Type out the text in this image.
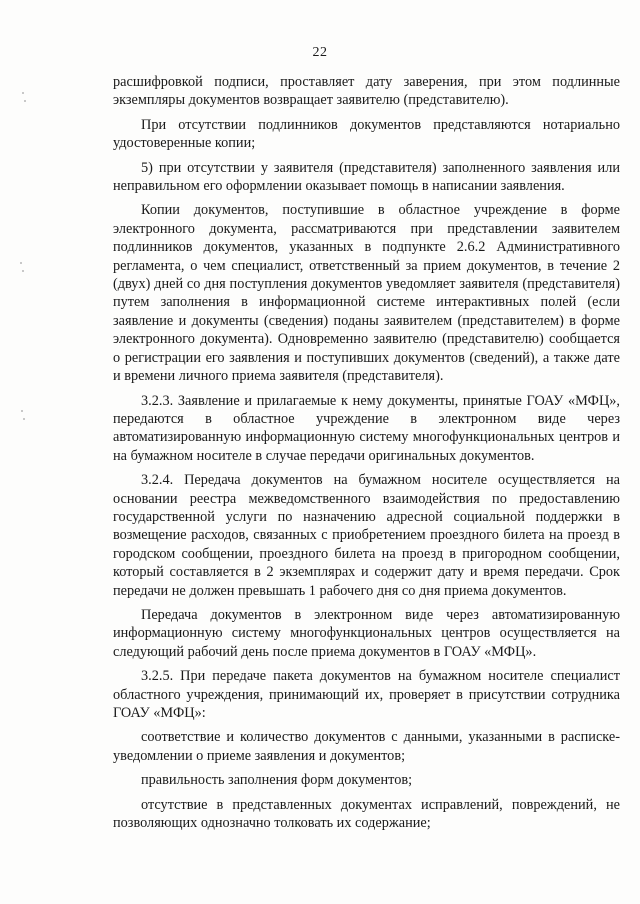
22

расшифровкой подписи, проставляет дату заверения, при этом подлинные экземпляры документов возвращает заявителю (представителю).

При отсутствии подлинников документов представляются нотариально удостоверенные копии;

5) при отсутствии у заявителя (представителя) заполненного заявления или неправильном его оформлении оказывает помощь в написании заявления.

Копии документов, поступившие в областное учреждение в форме электронного документа, рассматриваются при представлении заявителем подлинников документов, указанных в подпункте 2.6.2 Административного регламента, о чем специалист, ответственный за прием документов, в течение 2 (двух) дней со дня поступления документов уведомляет заявителя (представителя) путем заполнения в информационной системе интерактивных полей (если заявление и документы (сведения) поданы заявителем (представителем) в форме электронного документа). Одновременно заявителю (представителю) сообщается о регистрации его заявления и поступивших документов (сведений), а также дате и времени личного приема заявителя (представителя).

3.2.3. Заявление и прилагаемые к нему документы, принятые ГОАУ «МФЦ», передаются в областное учреждение в электронном виде через автоматизированную информационную систему многофункциональных центров и на бумажном носителе в случае передачи оригинальных документов.

3.2.4. Передача документов на бумажном носителе осуществляется на основании реестра межведомственного взаимодействия по предоставлению государственной услуги по назначению адресной социальной поддержки в возмещение расходов, связанных с приобретением проездного билета на проезд в городском сообщении, проездного билета на проезд в пригородном сообщении, который составляется в 2 экземплярах и содержит дату и время передачи. Срок передачи не должен превышать 1 рабочего дня со дня приема документов.

Передача документов в электронном виде через автоматизированную информационную систему многофункциональных центров осуществляется на следующий рабочий день после приема документов в ГОАУ «МФЦ».

3.2.5. При передаче пакета документов на бумажном носителе специалист областного учреждения, принимающий их, проверяет в присутствии сотрудника ГОАУ «МФЦ»:

соответствие и количество документов с данными, указанными в расписке-уведомлении о приеме заявления и документов;

правильность заполнения форм документов;

отсутствие в представленных документах исправлений, повреждений, не позволяющих однозначно толковать их содержание;
